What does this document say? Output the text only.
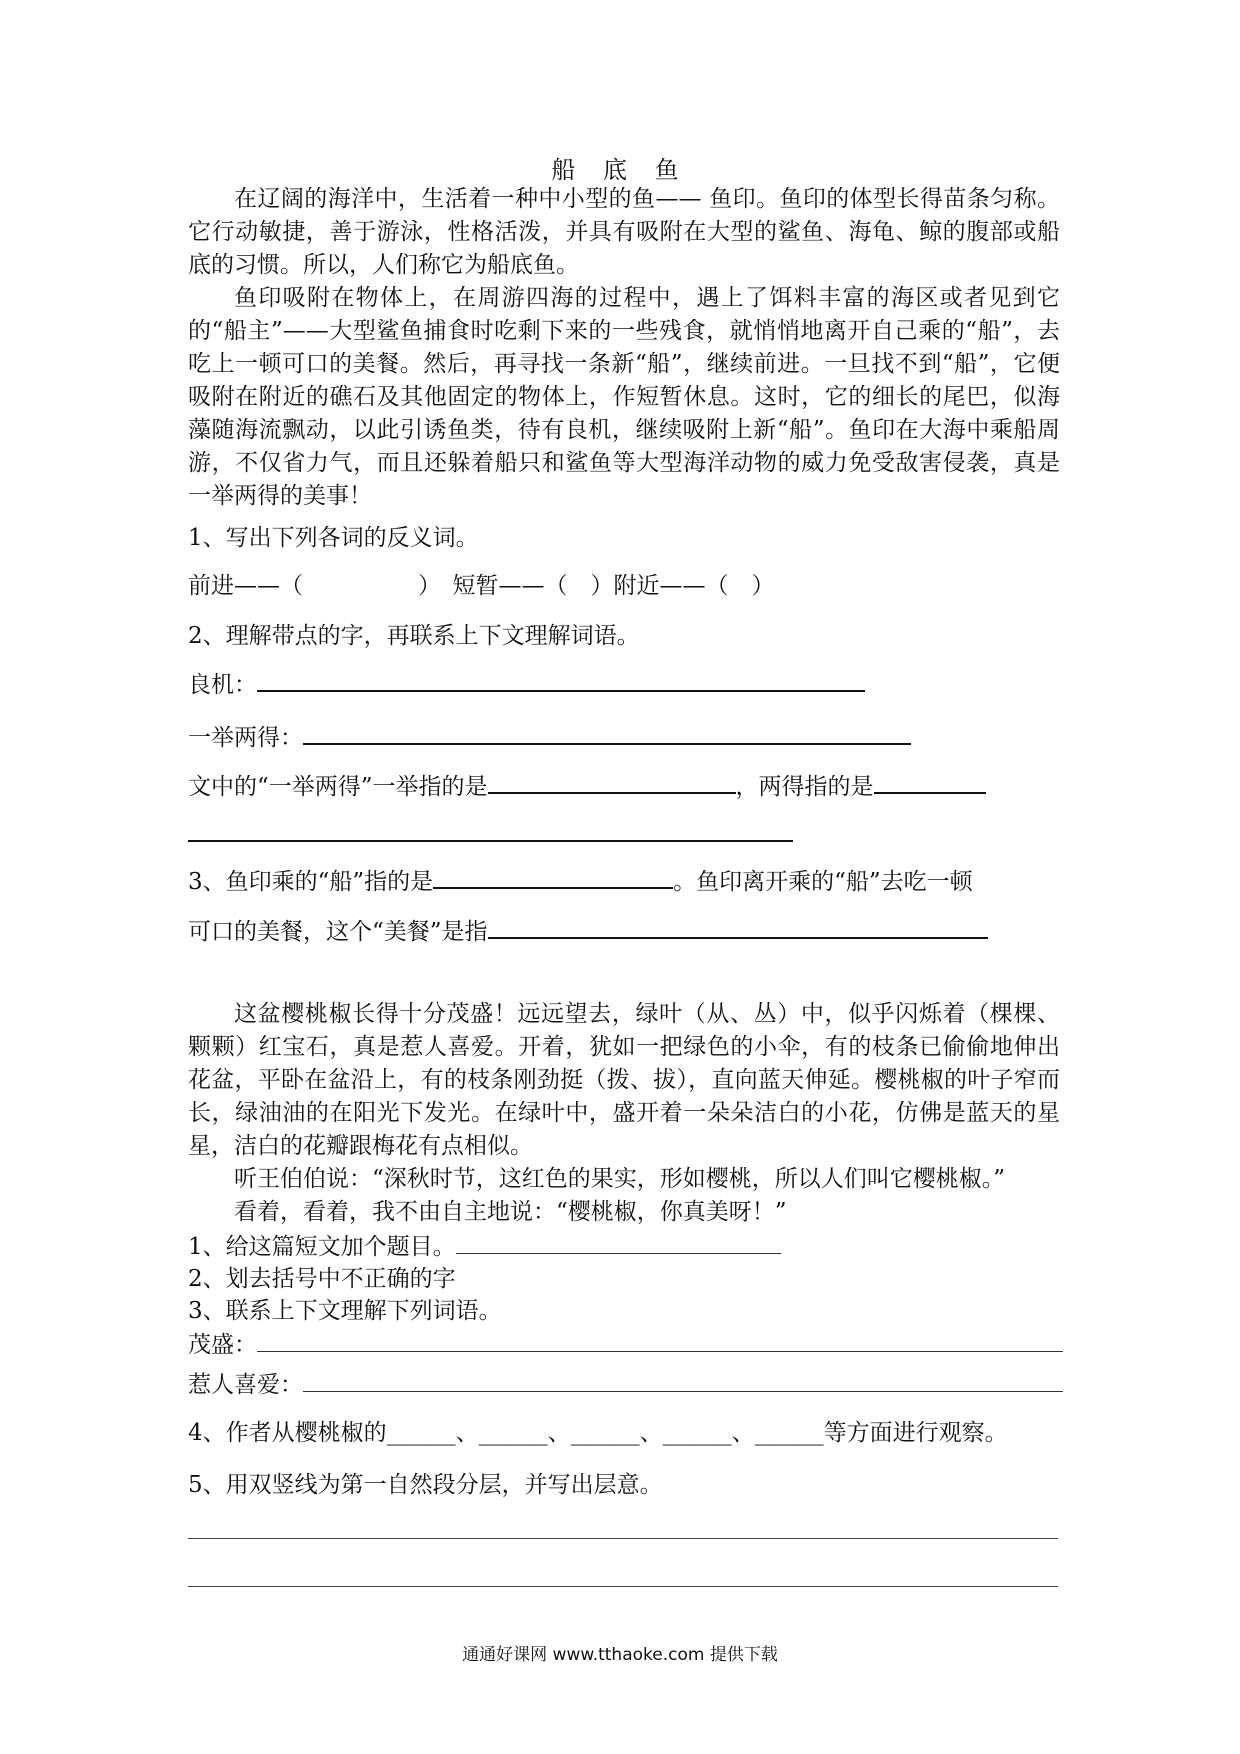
船 底 鱼

在辽阔的海洋中，生活着一种中小型的鱼—— 鱼印。鱼印的体型长得苗条匀称。它行动敏捷，善于游泳，性格活泼，并具有吸附在大型的鲨鱼、海龟、鲸的腹部或船底的习惯。所以，人们称它为船底鱼。

鱼印吸附在物体上，在周游四海的过程中，遇上了饵料丰富的海区或者见到它的“船主”——大型鲨鱼捕食时吃剩下来的一些残食，就悄悄地离开自己乘的“船”，去吃上一顿可口的美餐。然后，再寻找一条新“船”，继续前进。一旦找不到“船”，它便吸附在附近的礁石及其他固定的物体上，作短暂休息。这时，它的细长的尾巴，似海藻随海流飘动，以此引诱鱼类，待有良机，继续吸附上新“船”。鱼印在大海中乘船周游，不仅省力气，而且还躲着船只和鲨鱼等大型海洋动物的威力免受敌害侵袭，真是一举两得的美事！

1、写出下列各词的反义词。
前进——（　　　　　）　短暂——（　）附近——（　）
2、理解带点的字，再联系上下文理解词语。
良机：
一举两得：
文中的“一举两得”一举指的是	，两得指的是
3、鱼印乘的“船”指的是	。鱼印离开乘的“船”去吃一顿
可口的美餐，这个“美餐”是指

这盆樱桃椒长得十分茂盛！远远望去，绿叶（从、丛）中，似乎闪烁着（棵棵、颗颗）红宝石，真是惹人喜爱。开着，犹如一把绿色的小伞，有的枝条已偷偷地伸出花盆，平卧在盆沿上，有的枝条刚劲挺（拨、拔），直向蓝天伸延。樱桃椒的叶子窄而长，绿油油的在阳光下发光。在绿叶中，盛开着一朵朵洁白的小花，仿佛是蓝天的星星，洁白的花瓣跟梅花有点相似。

听王伯伯说：“深秋时节，这红色的果实，形如樱桃，所以人们叫它樱桃椒。”

看着，看着，我不由自主地说：“樱桃椒，你真美呀！”

1、给这篇短文加个题目。
2、划去括号中不正确的字
3、联系上下文理解下列词语。
茂盛：
惹人喜爱：
4、作者从樱桃椒的______、______、______、______、______等方面进行观察。
5、用双竖线为第一自然段分层，并写出层意。
通通好课网 www.tthaoke.com 提供下载
